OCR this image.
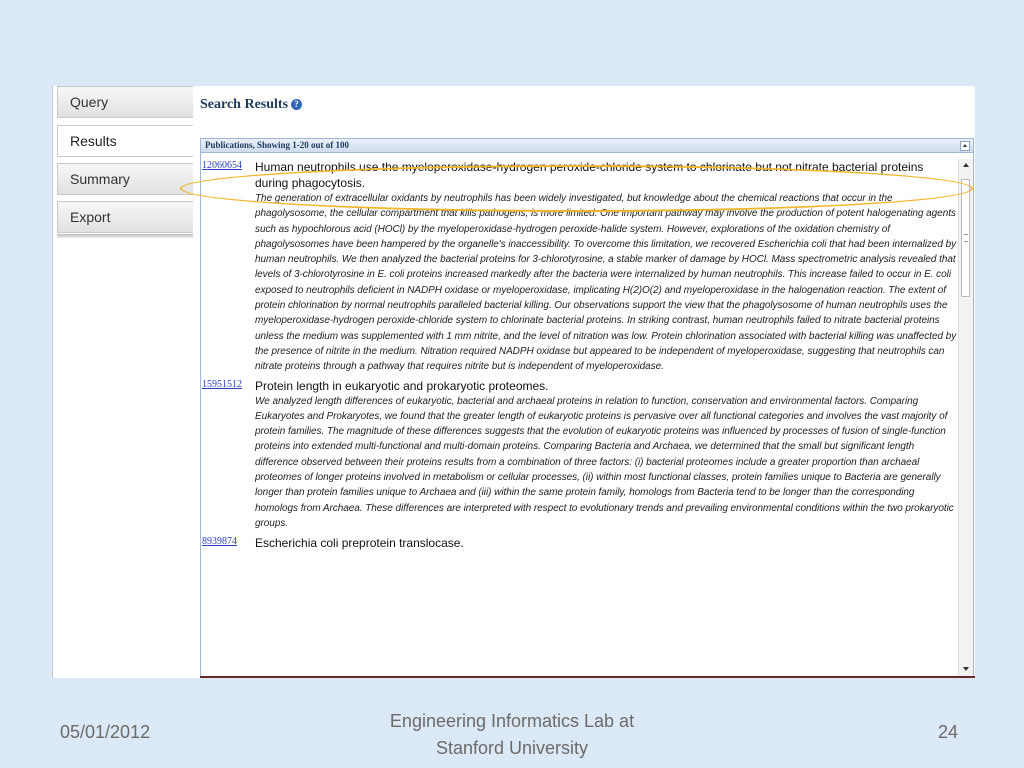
Query
Results
Summary
Export
Search Results ?
Publications, Showing 1-20 out of 100
12060654 Human neutrophils use the myeloperoxidase-hydrogen peroxide-chloride system to chlorinate but not nitrate bacterial proteins during phagocytosis.
The generation of extracellular oxidants by neutrophils has been widely investigated, but knowledge about the chemical reactions that occur in the phagolysosome, the cellular compartment that kills pathogens, is more limited. One important pathway may involve the production of potent halogenating agents such as hypochlorous acid (HOCl) by the myeloperoxidase-hydrogen peroxide-halide system. However, explorations of the oxidation chemistry of phagolysosomes have been hampered by the organelle's inaccessibility. To overcome this limitation, we recovered Escherichia coli that had been internalized by human neutrophils. We then analyzed the bacterial proteins for 3-chlorotyrosine, a stable marker of damage by HOCl. Mass spectrometric analysis revealed that levels of 3-chlorotyrosine in E. coli proteins increased markedly after the bacteria were internalized by human neutrophils. This increase failed to occur in E. coli exposed to neutrophils deficient in NADPH oxidase or myeloperoxidase, implicating H(2)O(2) and myeloperoxidase in the halogenation reaction. The extent of protein chlorination by normal neutrophils paralleled bacterial killing. Our observations support the view that the phagolysosome of human neutrophils uses the myeloperoxidase-hydrogen peroxide-chloride system to chlorinate bacterial proteins. In striking contrast, human neutrophils failed to nitrate bacterial proteins unless the medium was supplemented with 1 mm nitrite, and the level of nitration was low. Protein chlorination associated with bacterial killing was unaffected by the presence of nitrite in the medium. Nitration required NADPH oxidase but appeared to be independent of myeloperoxidase, suggesting that neutrophils can nitrate proteins through a pathway that requires nitrite but is independent of myeloperoxidase.
15951512 Protein length in eukaryotic and prokaryotic proteomes.
We analyzed length differences of eukaryotic, bacterial and archaeal proteins in relation to function, conservation and environmental factors. Comparing Eukaryotes and Prokaryotes, we found that the greater length of eukaryotic proteins is pervasive over all functional categories and involves the vast majority of protein families. The magnitude of these differences suggests that the evolution of eukaryotic proteins was influenced by processes of fusion of single-function proteins into extended multi-functional and multi-domain proteins. Comparing Bacteria and Archaea, we determined that the small but significant length difference observed between their proteins results from a combination of three factors: (i) bacterial proteomes include a greater proportion than archaeal proteomes of longer proteins involved in metabolism or cellular processes, (ii) within most functional classes, protein families unique to Bacteria are generally longer than protein families unique to Archaea and (iii) within the same protein family, homologs from Bacteria tend to be longer than the corresponding homologs from Archaea. These differences are interpreted with respect to evolutionary trends and prevailing environmental conditions within the two prokaryotic groups.
8939874 Escherichia coli preprotein translocase.
05/01/2012
Engineering Informatics Lab at Stanford University
24
